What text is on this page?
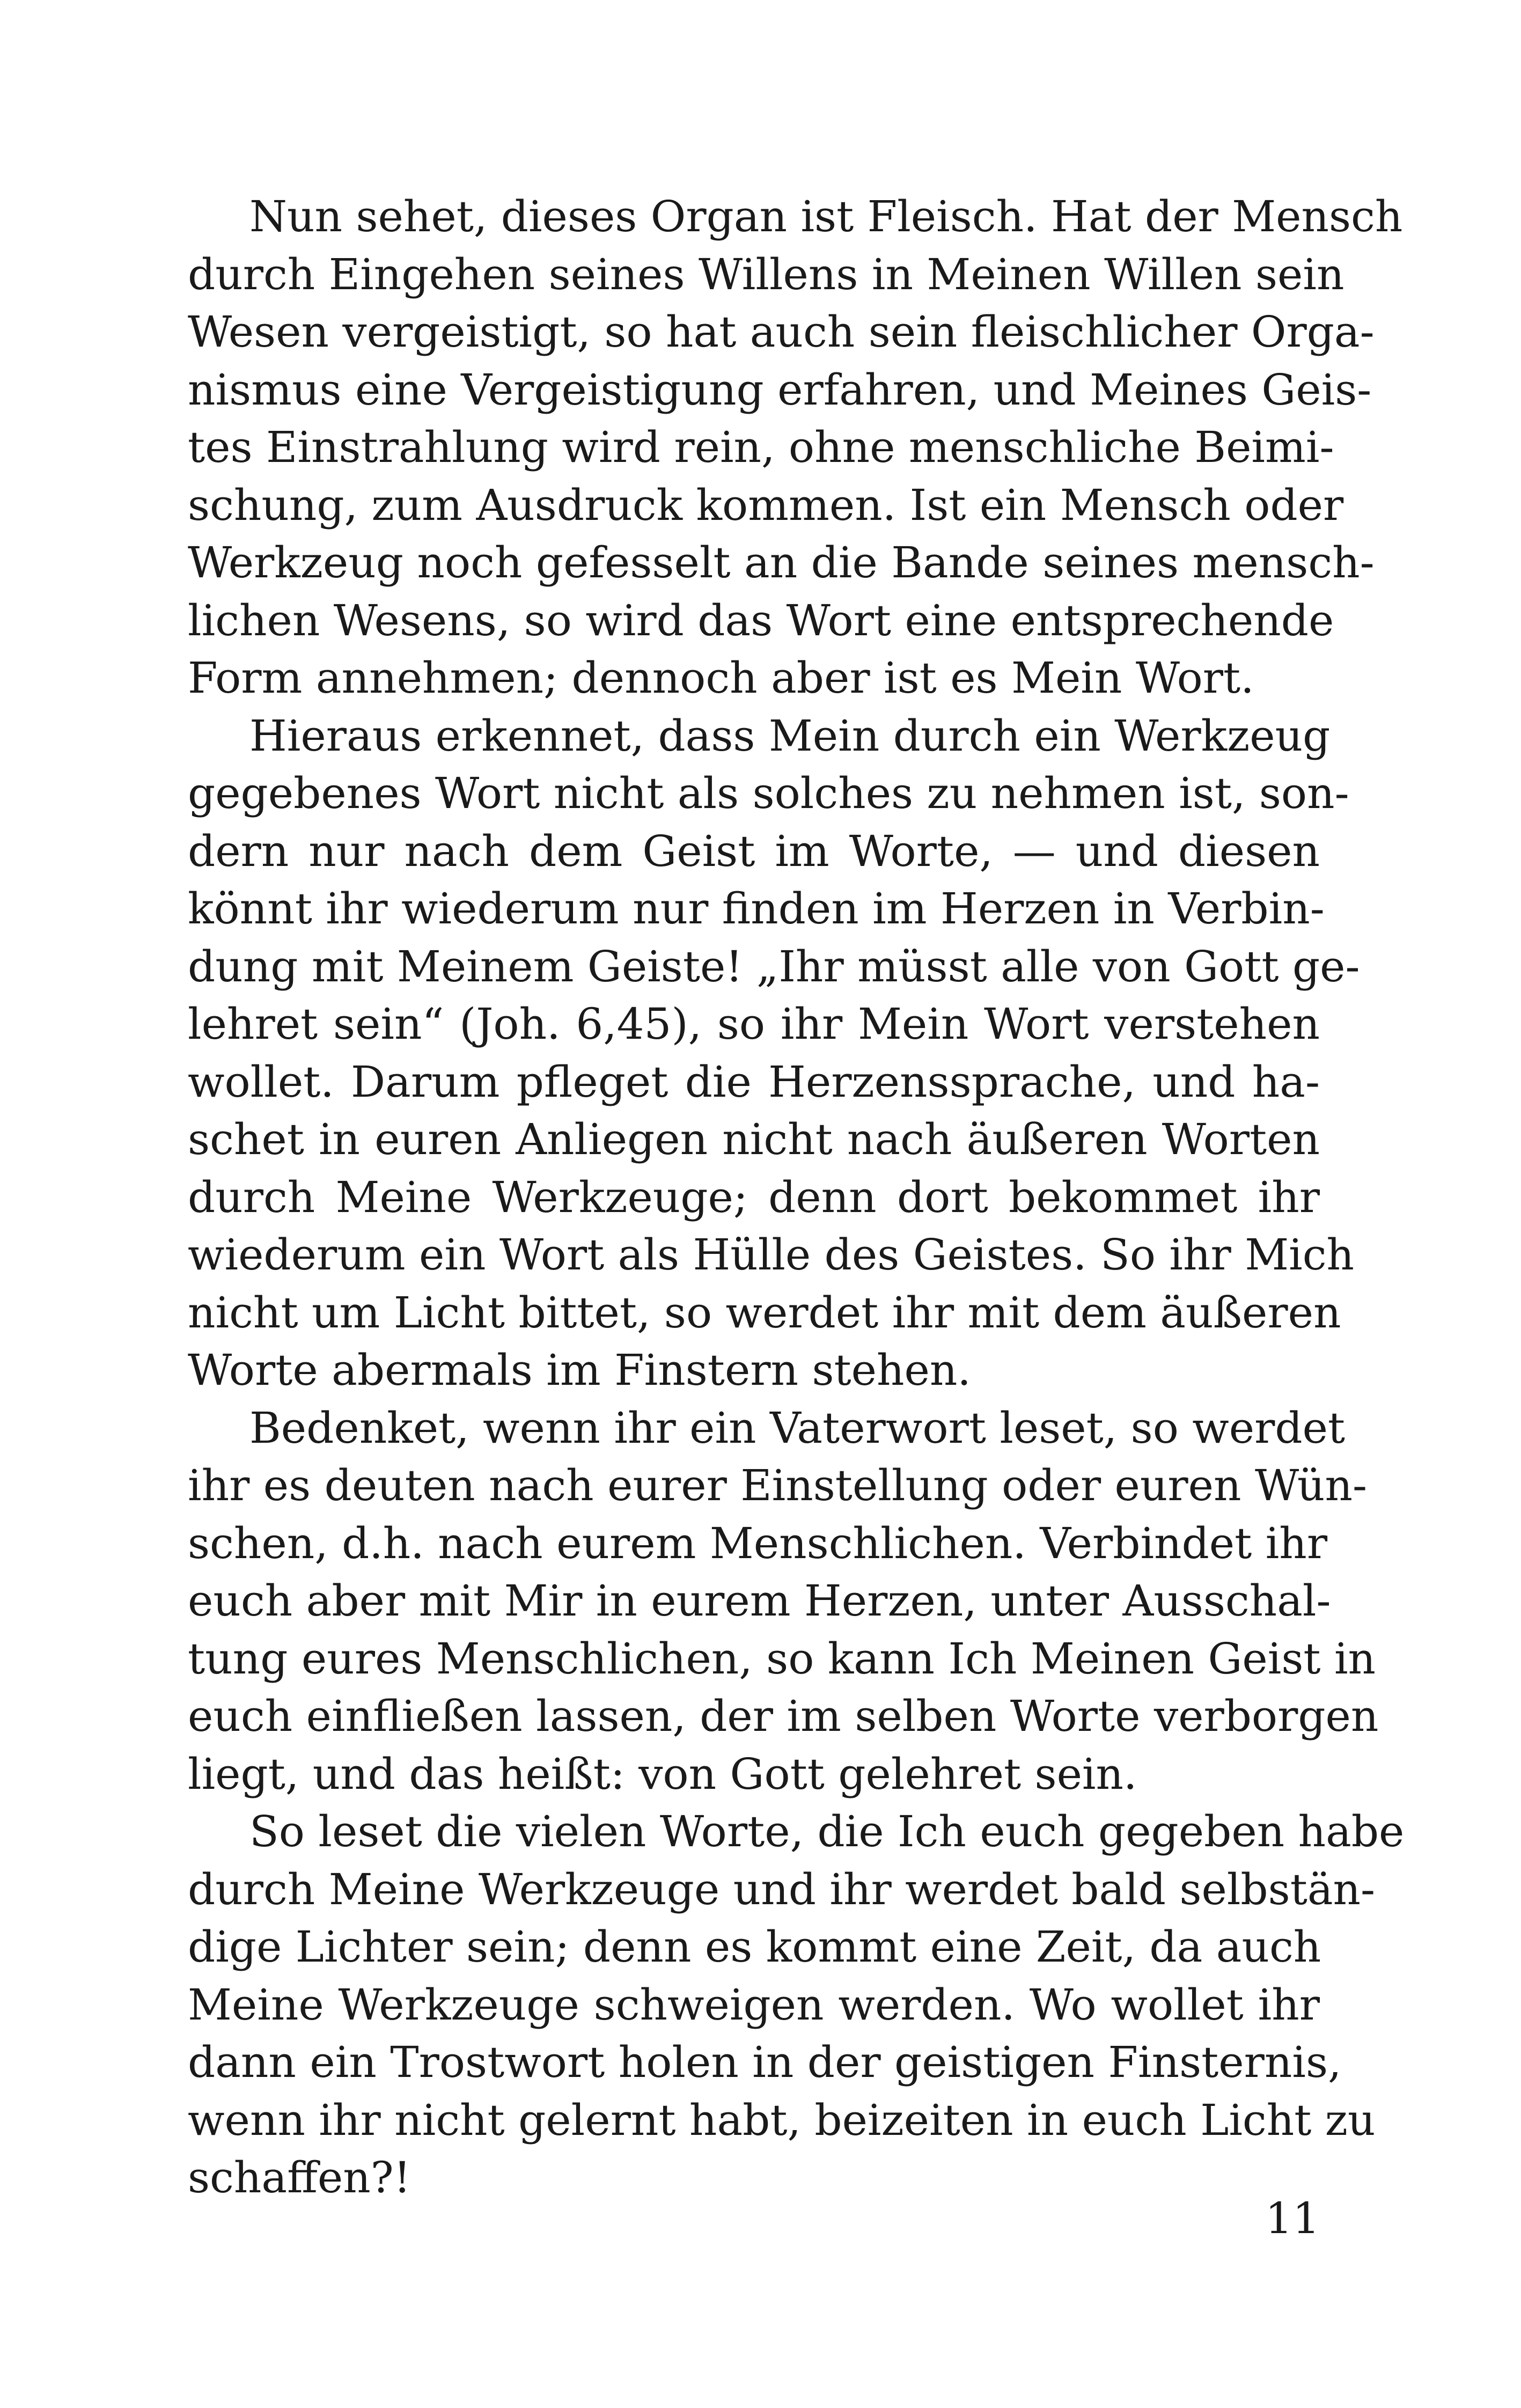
Nun sehet, dieses Organ ist Fleisch. Hat der Mensch
durch Eingehen seines Willens in Meinen Willen sein
Wesen vergeistigt, so hat auch sein fleischlicher Orga-
nismus eine Vergeistigung erfahren, und Meines Geis-
tes Einstrahlung wird rein, ohne menschliche Beimi-
schung, zum Ausdruck kommen. Ist ein Mensch oder
Werkzeug noch gefesselt an die Bande seines mensch-
lichen Wesens, so wird das Wort eine entsprechende
Form annehmen; dennoch aber ist es Mein Wort.
Hieraus erkennet, dass Mein durch ein Werkzeug
gegebenes Wort nicht als solches zu nehmen ist, son-
dern nur nach dem Geist im Worte, — und diesen
könnt ihr wiederum nur finden im Herzen in Verbin-
dung mit Meinem Geiste! „Ihr müsst alle von Gott ge-
lehret sein“ (Joh. 6,45), so ihr Mein Wort verstehen
wollet. Darum pfleget die Herzenssprache, und ha-
schet in euren Anliegen nicht nach äußeren Worten
durch Meine Werkzeuge; denn dort bekommet ihr
wiederum ein Wort als Hülle des Geistes. So ihr Mich
nicht um Licht bittet, so werdet ihr mit dem äußeren
Worte abermals im Finstern stehen.
Bedenket, wenn ihr ein Vaterwort leset, so werdet
ihr es deuten nach eurer Einstellung oder euren Wün-
schen, d.h. nach eurem Menschlichen. Verbindet ihr
euch aber mit Mir in eurem Herzen, unter Ausschal-
tung eures Menschlichen, so kann Ich Meinen Geist in
euch einfließen lassen, der im selben Worte verborgen
liegt, und das heißt: von Gott gelehret sein.
So leset die vielen Worte, die Ich euch gegeben habe
durch Meine Werkzeuge und ihr werdet bald selbstän-
dige Lichter sein; denn es kommt eine Zeit, da auch
Meine Werkzeuge schweigen werden. Wo wollet ihr
dann ein Trostwort holen in der geistigen Finsternis,
wenn ihr nicht gelernt habt, beizeiten in euch Licht zu
schaffen?!
11
